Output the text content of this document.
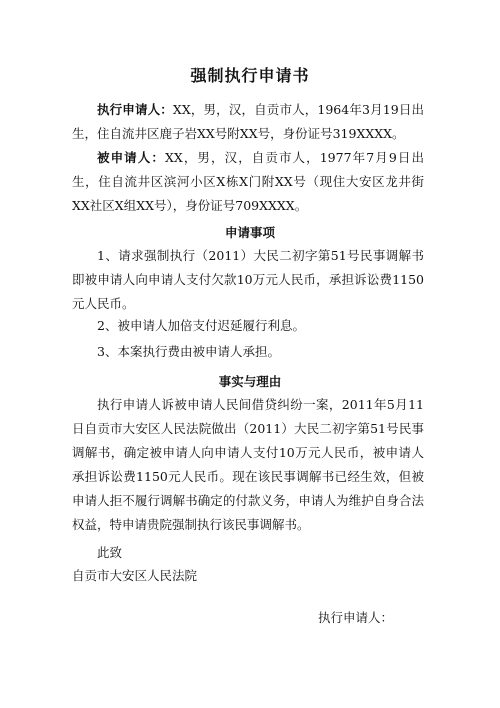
强制执行申请书
执行申请人：XX，男，汉，自贡市人，1964年3月19日出生，住自流井区鹿子岩XX号附XX号，身份证号319XXXX。
被申请人：XX，男，汉，自贡市人，1977年7月9日出生，住自流井区滨河小区X栋X门附XX号（现住大安区龙井街XX社区X组XX号），身份证号709XXXX。
申请事项
1、请求强制执行（2011）大民二初字第51号民事调解书即被申请人向申请人支付欠款10万元人民币，承担诉讼费1150元人民币。
2、被申请人加倍支付迟延履行利息。
3、本案执行费由被申请人承担。
事实与理由
执行申请人诉被申请人民间借贷纠纷一案，2011年5月11日自贡市大安区人民法院做出（2011）大民二初字第51号民事调解书，确定被申请人向申请人支付10万元人民币，被申请人承担诉讼费1150元人民币。现在该民事调解书已经生效，但被申请人拒不履行调解书确定的付款义务，申请人为维护自身合法权益，特申请贵院强制执行该民事调解书。
此致
自贡市大安区人民法院
执行申请人：
